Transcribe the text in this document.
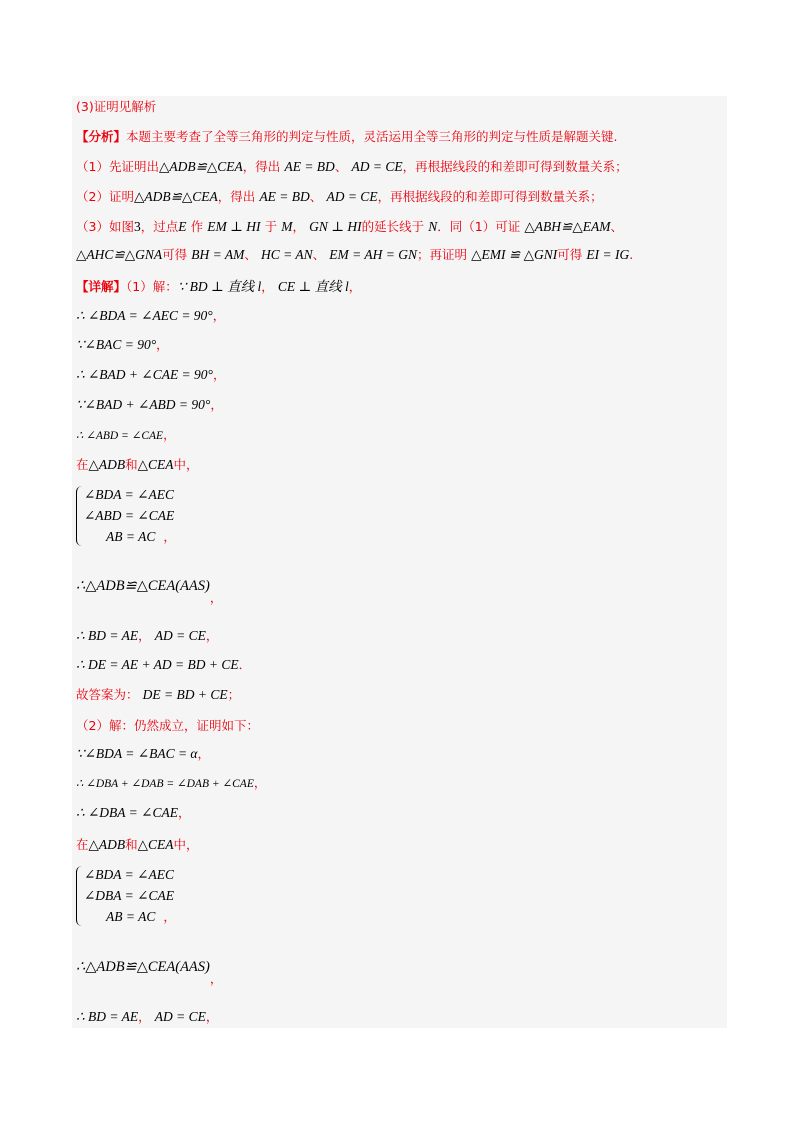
(3)证明见解析
【分析】本题主要考查了全等三角形的判定与性质，灵活运用全等三角形的判定与性质是解题关键.
（1）先证明出△ADB≌△CEA，得出 AE = BD、 AD = CE，再根据线段的和差即可得到数量关系；
（2）证明△ADB≌△CEA，得出 AE = BD、 AD = CE，再根据线段的和差即可得到数量关系；
（3）如图3，过点E 作 EM ⊥ HI 于 M， GN ⊥ HI的延长线于 N．同（1）可证 △ABH≌△EAM、
△AHC≌△GNA可得 BH = AM、 HC = AN、 EM = AH = GN；再证明 △EMI ≌ △GNI可得 EI = IG.
【详解】（1）解：∵ BD ⊥ 直线 l， CE ⊥ 直线 l，
∴ ∠BDA = ∠AEC = 90°，
∵∠BAC = 90°，
∴ ∠BAD + ∠CAE = 90°，
∵∠BAD + ∠ABD = 90°，
∴ ∠ABD = ∠CAE，
在△ADB和△CEA中，
∠BDA = ∠AEC
∠ABD = ∠CAE
AB = AC ，
∴△ADB≌△CEA(AAS)，
∴ BD = AE， AD = CE，
∴ DE = AE + AD = BD + CE．
故答案为： DE = BD + CE；
（2）解：仍然成立，证明如下：
∵∠BDA = ∠BAC = α，
∴ ∠DBA + ∠DAB = ∠DAB + ∠CAE，
∴ ∠DBA = ∠CAE，
在△ADB和△CEA中，
∠BDA = ∠AEC
∠DBA = ∠CAE
AB = AC ，
∴△ADB≌△CEA(AAS)，
∴ BD = AE， AD = CE，
